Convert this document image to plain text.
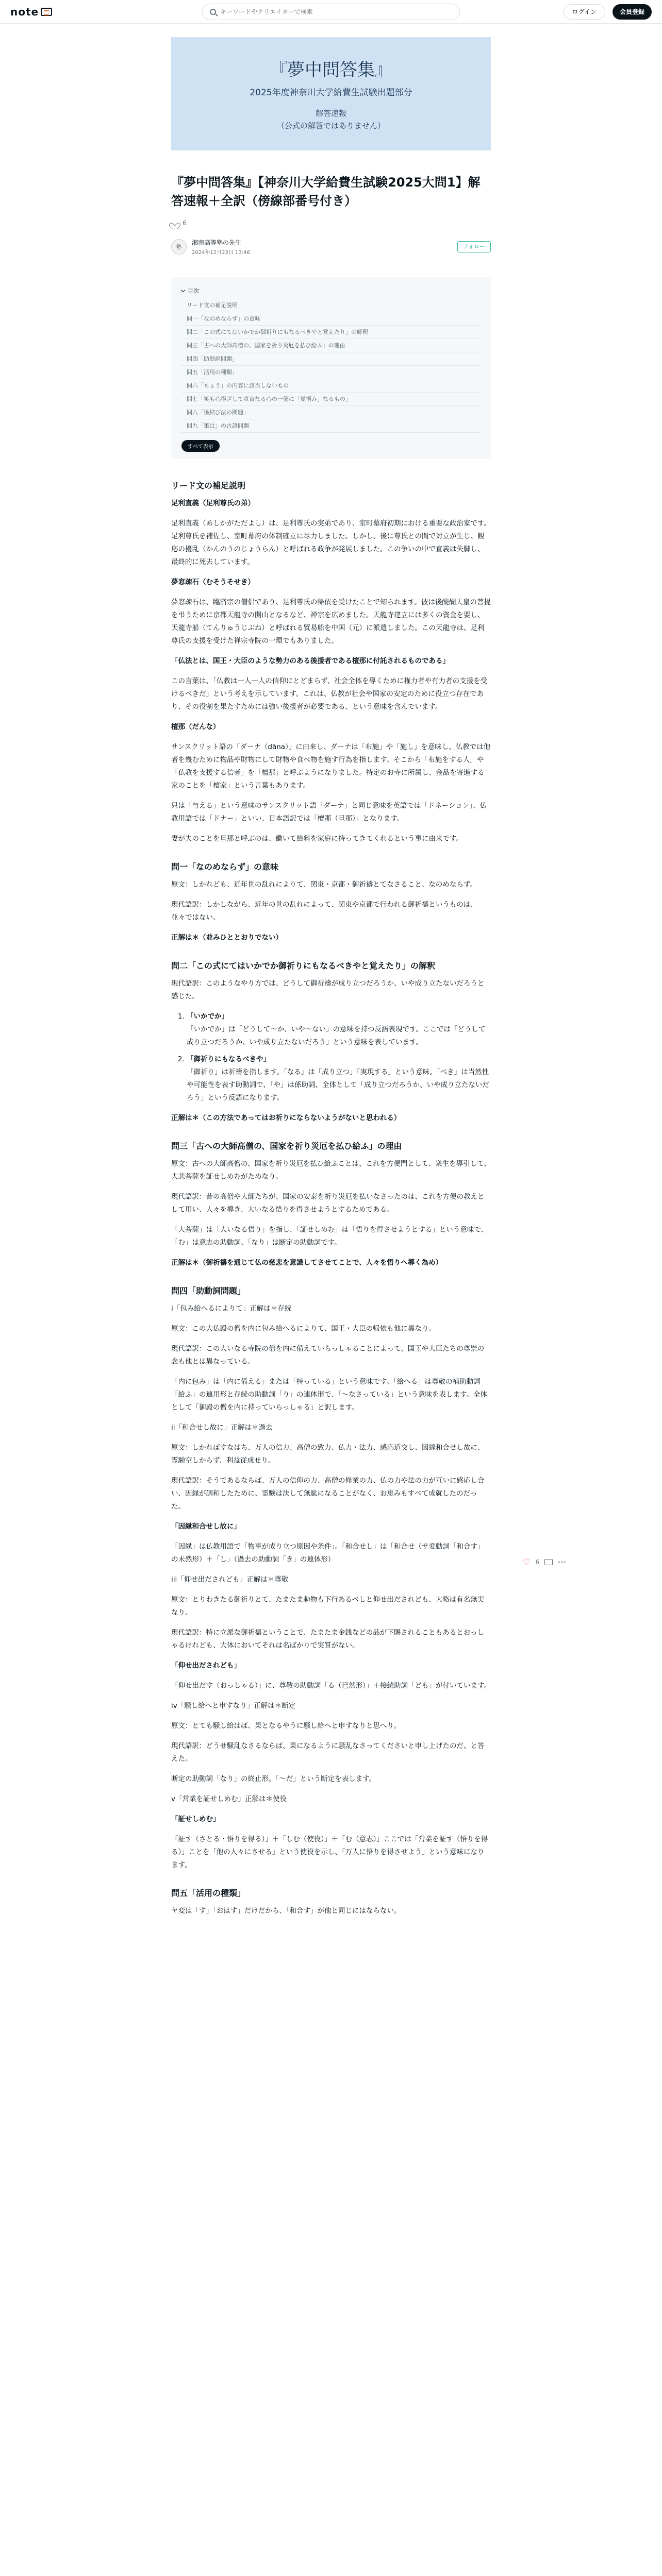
note
キーワードやクリエイターで検索	ログイン	会員登録
『夢中問答集』
2025年度神奈川大学給費生試験出題部分
解答速報
（公式の解答ではありません）
『夢中問答集』【神奈川大学給費生試験2025大問1】解答速報＋全訳（傍線部番号付き）
6
塾
湘南高等塾の先生
2024年12月23日 13:46
フォロー
目次
リード文の補足説明
問一「なのめならず」の意味
問二「この式にてはいかでか御祈りにもなるべきやと覚えたり」の解釈
問三「古への大師高僧の、国家を祈り災厄を払ひ給ふ」の理由
問四「助動詞問題」
問五「活用の種類」
問六「ちょう」の内容に該当しないもの
問七「笑も心得ざして真直なる心の一筋に「覚悟み」なるもの」
問八「係結び法の問題」
問九「筆は」の古語問題
すべて表示
リード文の補足説明

足利直義（足利尊氏の弟）

足利直義（あしかがただよし）は、足利尊氏の実弟であり、室町幕府初期における重要な政治家です。足利尊氏を補佐し、室町幕府の体制確立に尽力しました。しかし、後に尊氏との間で対立が生じ、観応の擾乱（かんのうのじょうらん）と呼ばれる政争が発展しました。この争いの中で直義は失脚し、最終的に死去しています。

夢窓疎石（むそうそせき）

夢窓疎石は、臨済宗の僧侶であり、足利尊氏の帰依を受けたことで知られます。彼は後醍醐天皇の菩提を弔うために京都天龍寺の開山となるなど、禅宗を広めました。天龍寺建立には多くの資金を要し、天龍寺船（てんりゅうじぶね）と呼ばれる貿易船を中国（元）に派遣しました。この天龍寺は、足利尊氏の支援を受けた禅宗寺院の一環でもありました。

「仏法とは、国王・大臣のような勢力のある後援者である檀那に付託されるものである」

この言葉は、「仏教は一人一人の信仰にとどまらず、社会全体を導くために権力者や有力者の支援を受けるべきだ」という考えを示しています。これは、仏教が社会や国家の安定のために役立つ存在であり、その役割を果たすためには強い後援者が必要である、という意味を含んでいます。

檀那（だんな）

サンスクリット語の「ダーナ（dāna）」に由来し、ダーナは「布施」や「施し」を意味し、仏教では他者を幾むために物品や財物にして財物や食べ物を施す行為を指します。そこから「布施をする人」や「仏教を支援する信者」を「檀那」と呼ぶようになりました。特定のお寺に所属し、金品を寄進する家のことを「檀家」という言葉もあります。

只は「与える」という意味のサンスクリット語「ダーナ」と同じ意味を英語では「ドネーション」、仏教用語では「ドナー」といい、日本語訳では「檀那（旦那）」となります。

妻が夫のことを旦那と呼ぶのは、働いて給料を家庭に持ってきてくれるという事に由来です。

問一「なのめならず」の意味

原文：しかれども、近年世の乱れによりて、関東・京都・御祈禱とてなさること、なのめならず。

現代語訳：しかしながら、近年の世の乱れによって、関東や京都で行われる御祈禱というものは、並々ではない。

正解は＊（並みひととおりでない）

問二「この式にてはいかでか御祈りにもなるべきやと覚えたり」の解釈

現代語訳：このようなやり方では、どうして御祈禱が成り立つだろうか、いや成り立たないだろうと感じた。

1. 「いかでか」
「いかでか」は「どうして〜か、いや〜ない」の意味を持つ反語表現です。ここでは「どうして成り立つだろうか、いや成り立たないだろう」という意味を表しています。
2. 「御祈りにもなるべきや」
「御祈り」は祈禱を指します。「なる」は「成り立つ」「実現する」という意味。「べき」は当然性や可能性を表す助動詞で、「や」は係助詞、全体として「成り立つだろうか、いや成り立たないだろう」という反語になります。

正解は＊（この方法であってはお祈りにならないようがないと思われる）

問三「古への大師高僧の、国家を祈り災厄を払ひ給ふ」の理由

原文：古への大師高僧の、国家を祈り災厄を払ひ給ふことは、これを方便門として、衆生を導引して、大悲菩薩を証せしめむがためなり。

現代語訳：昔の高僧や大師たちが、国家の安泰を祈り災厄を払いなさったのは、これを方便の教えとして用い、人々を導き、大いなる悟りを得させようとするためである。

「大菩薩」は「大いなる悟り」を指し、「証せしめむ」は「悟りを得させようとする」という意味で、「む」は意志の助動詞、「なり」は断定の助動詞です。

正解は＊（御祈禱を通じて仏の慈悲を意識してさせてことで、人々を悟りへ導く為め）

問四「助動詞問題」

i「包み給へるによりて」正解は＊存続

原文：この大仏殿の僧を内に包み給へるによりて、国王・大臣の帰依も他に異なり。

現代語訳：この大いなる寺院の僧を内に備えていらっしゃることによって、国王や大臣たちの尊崇の念も他とは異なっている。

「内に包み」は「内に備える」または「持っている」という意味です。「給へる」は尊敬の補助動詞「給ふ」の連用形と存続の助動詞「り」の連体形で、「〜なさっている」という意味を表します。全体として「御殿の僧を内に持っていらっしゃる」と訳します。

ii「和合せし故に」正解は＊過去

原文：しかればすなはち、万人の信力、高僧の致力、仏力・法力、感応道交し、因縁和合せし故に、霊験空しからず、利益従成せり。

現代語訳：そうであるならば、万人の信仰の力、高僧の修業の力、仏の力や法の力が互いに感応し合い、因縁が調和したために、霊験は決して無駄になることがなく、お恵みもすべて成就したのだった。

「因縁和合せし故に」

「因縁」は仏教用語で「物事が成り立つ原因や条件」。「和合せし」は「和合せ（サ変動詞「和合す」の未然形）＋「し」（過去の助動詞「き」の連体形）

iii「仰せ出だされども」正解は＊尊敬

原文：とりわきたる御祈りとて、たまたま勅物も下行あるべしと仰せ出だされども、大略は有名無実なり。

現代語訳：特に立派な御祈禱ということで、たまたま金銭などの品が下賜されることもあるとおっしゃるけれども、大体においてそれは名ばかりで実質がない。

「仰せ出だされども」

「仰せ出だす（おっしゃる）」に、尊敬の助動詞「る（已然形）」＋接続助詞「ども」が付いています。

iv「騒し給へと申すなり」正解は＊断定

原文：とても騒し給はば、果となるやうに騒し給へと申すなりと思へり。

現代語訳：どうせ騒乱なさるならば、果になるように騒乱なさってくださいと申し上げたのだ、と答えた。

断定の助動詞「なり」の終止形。「〜だ」という断定を表します。

v「営業を証せしめむ」正解は＊使役

「証せしめむ」

「証す（さとる・悟りを得る）」＋「しむ（使役）」＋「む（意志）」ここでは「営業を証す（悟りを得る）」ことを「他の人々にさせる」という使役を示し、「万人に悟りを得させよう」という意味になります。

問五「活用の種類」

ヤ変は「す」「おはす」だけだから、「和合す」が他と同じにはならない。

♡ 6	···
